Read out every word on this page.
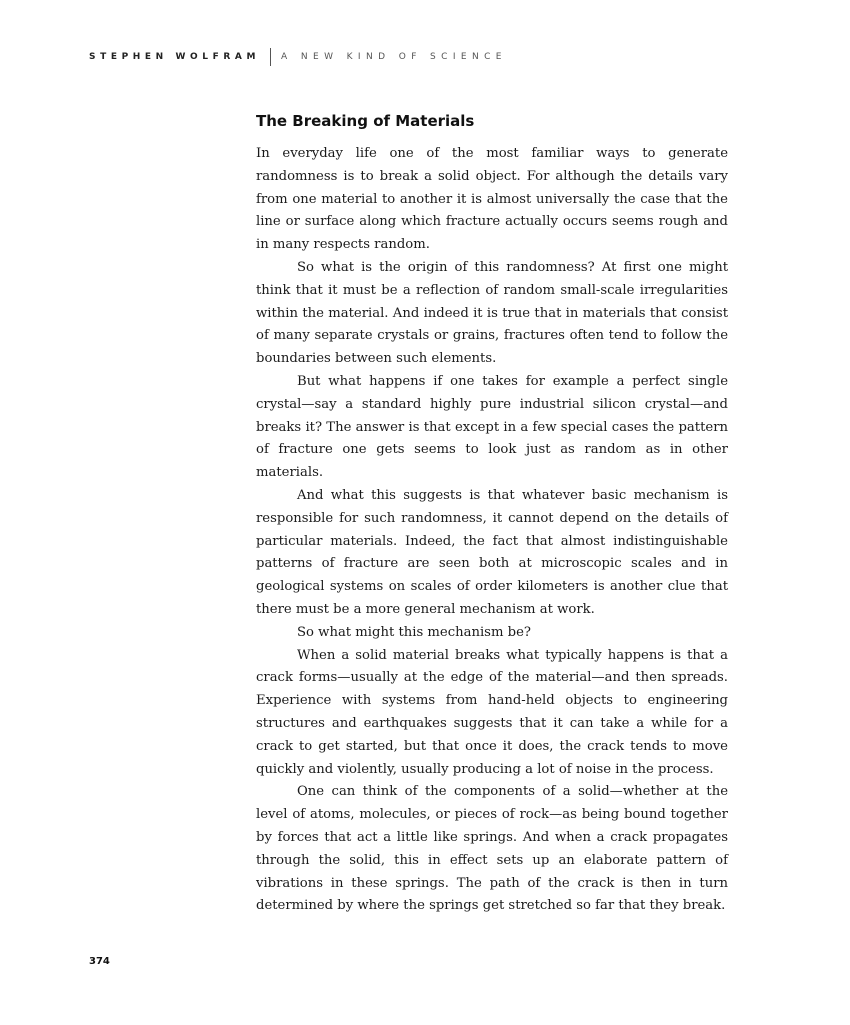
STEPHEN WOLFRAM A NEW KIND OF SCIENCE
The Breaking of Materials

In everyday life one of the most familiar ways to generate randomness is to break a solid object. For although the details vary from one material to another it is almost universally the case that the line or surface along which fracture actually occurs seems rough and in many respects random.

So what is the origin of this randomness? At first one might think that it must be a reflection of random small-scale irregularities within the material. And indeed it is true that in materials that consist of many separate crystals or grains, fractures often tend to follow the boundaries between such elements.

But what happens if one takes for example a perfect single crystal—say a standard highly pure industrial silicon crystal—and breaks it? The answer is that except in a few special cases the pattern of fracture one gets seems to look just as random as in other materials.

And what this suggests is that whatever basic mechanism is responsible for such randomness, it cannot depend on the details of particular materials. Indeed, the fact that almost indistinguishable patterns of fracture are seen both at microscopic scales and in geological systems on scales of order kilometers is another clue that there must be a more general mechanism at work.

So what might this mechanism be?

When a solid material breaks what typically happens is that a crack forms—usually at the edge of the material—and then spreads. Experience with systems from hand-held objects to engineering structures and earthquakes suggests that it can take a while for a crack to get started, but that once it does, the crack tends to move quickly and violently, usually producing a lot of noise in the process.

One can think of the components of a solid—whether at the level of atoms, molecules, or pieces of rock—as being bound together by forces that act a little like springs. And when a crack propagates through the solid, this in effect sets up an elaborate pattern of vibrations in these springs. The path of the crack is then in turn determined by where the springs get stretched so far that they break.

374
